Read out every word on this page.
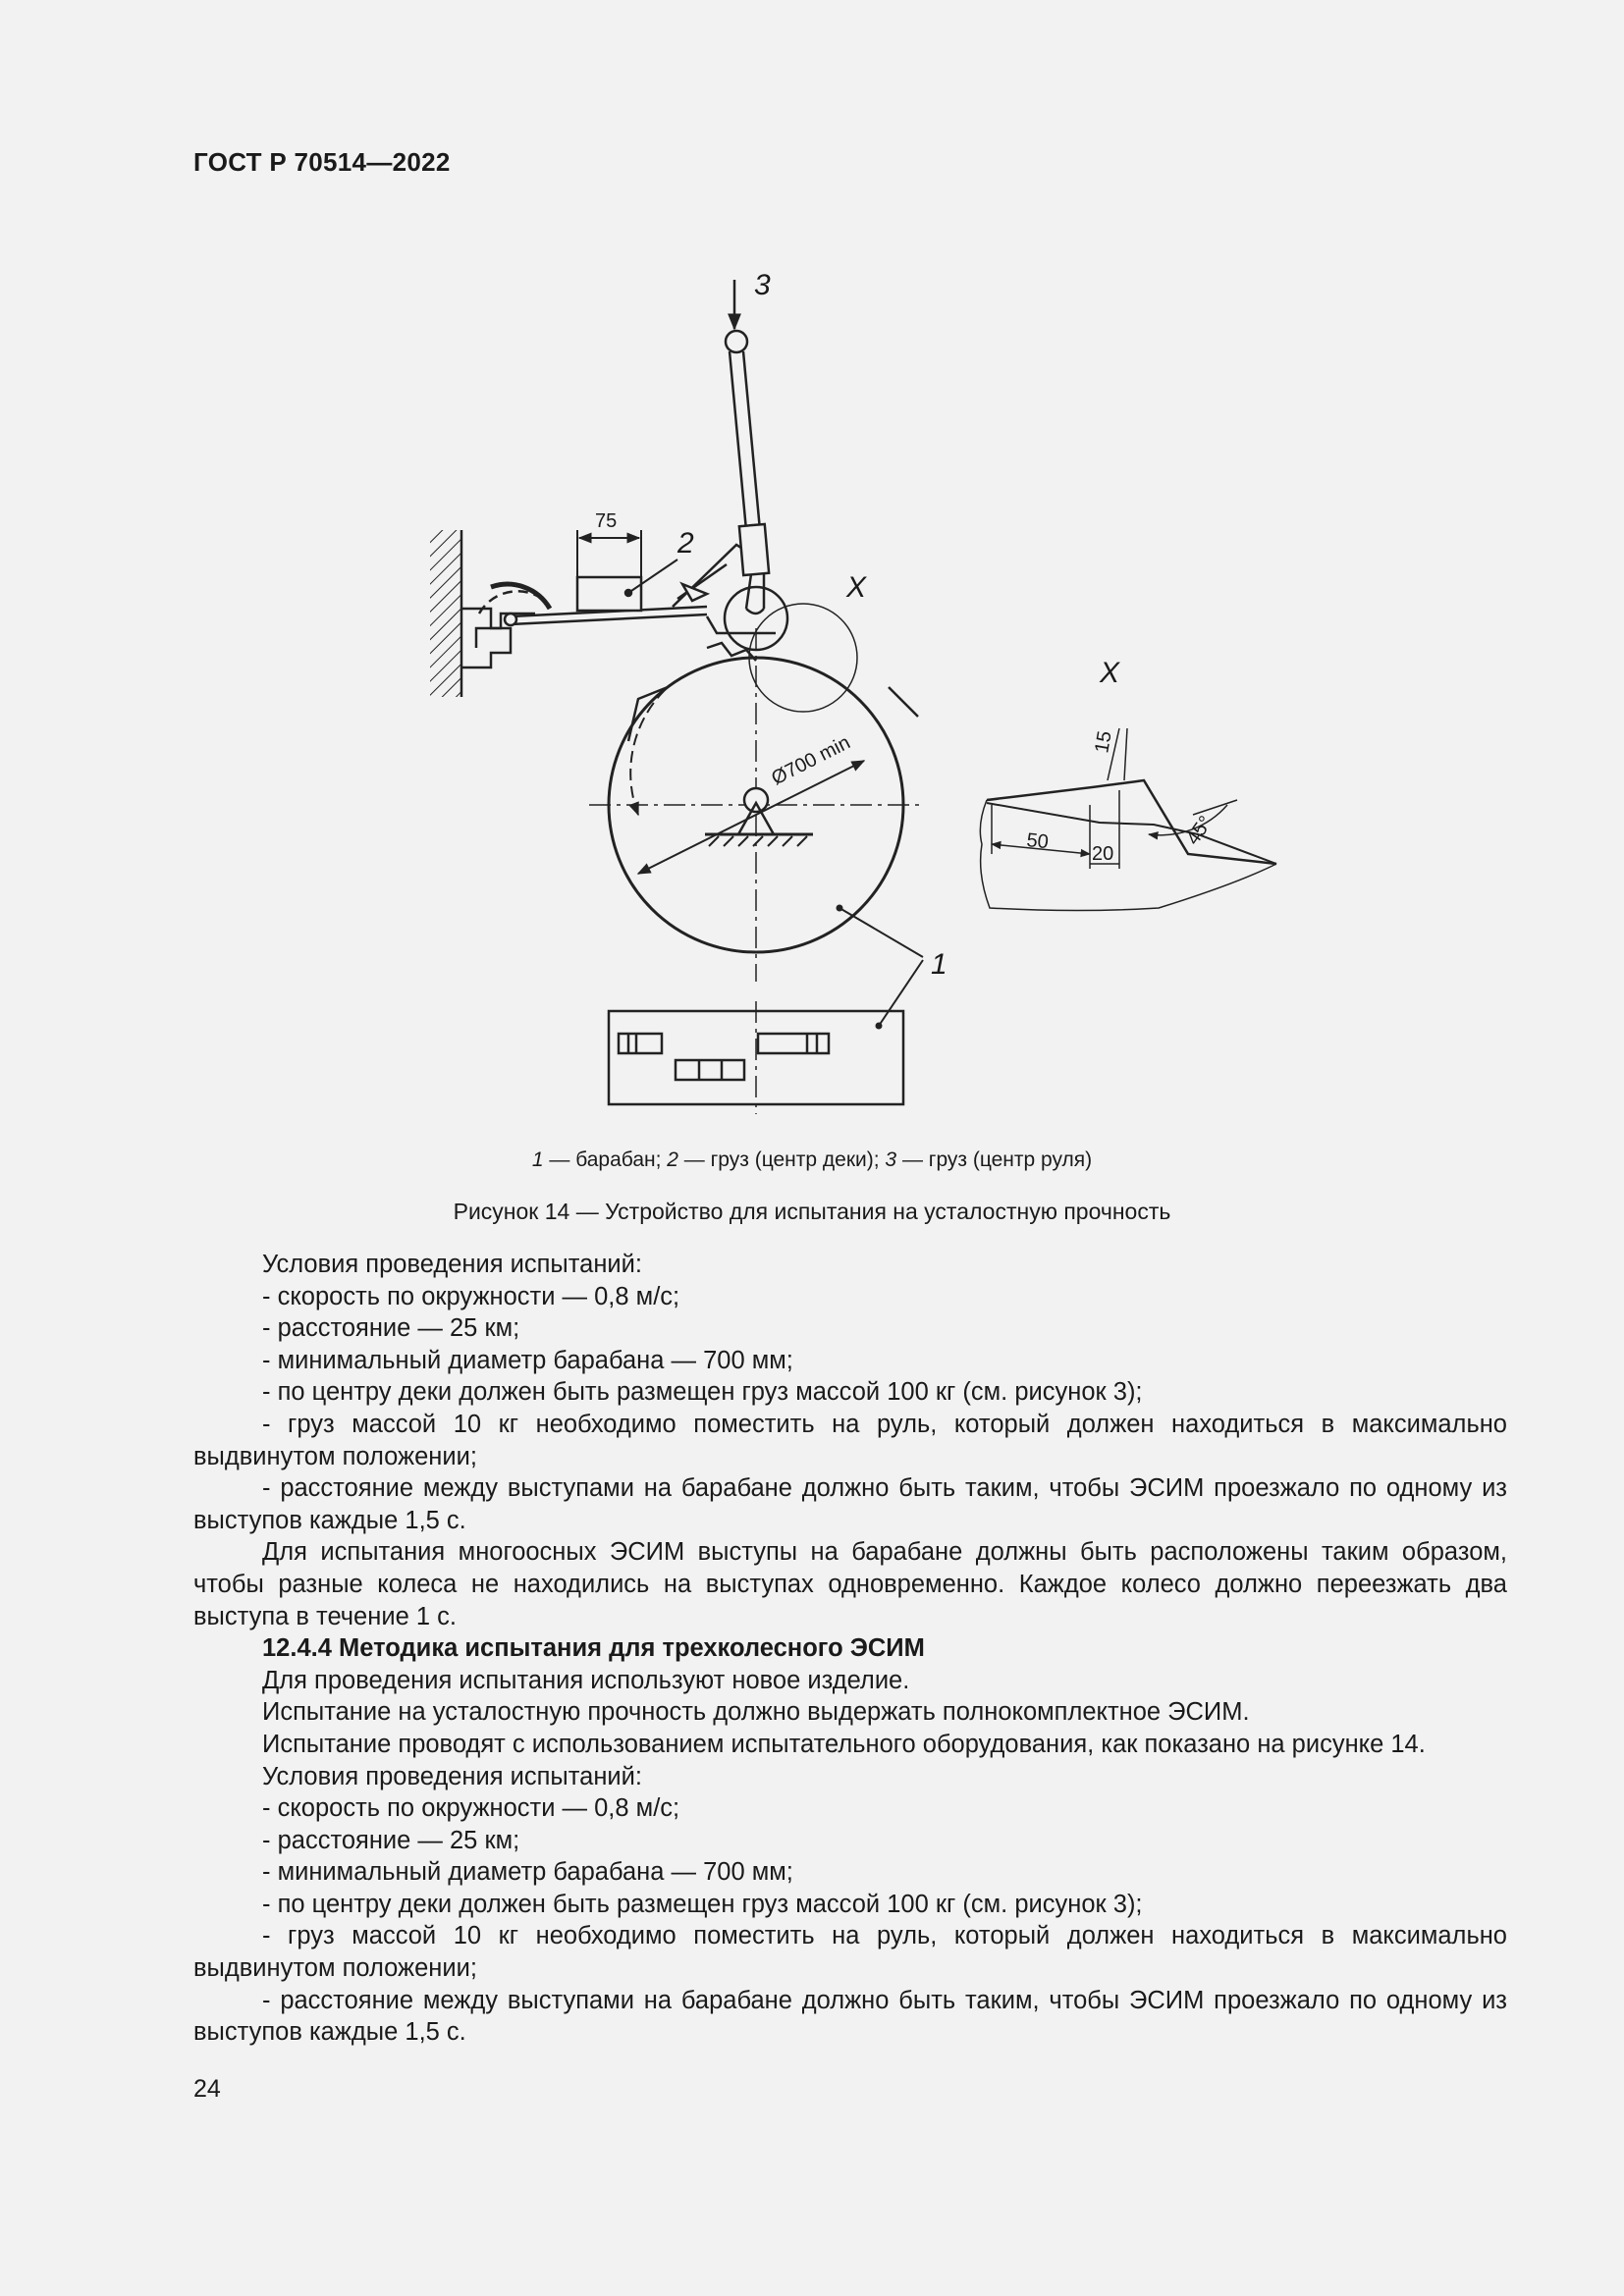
ГОСТ Р 70514—2022
75
3
X
Ø700 min
1
X
15
50
20
45°
2
1 — барабан; 2 — груз (центр деки); 3 — груз (центр руля)
Рисунок 14 — Устройство для испытания на усталостную прочность

Условия проведения испытаний:

- скорость по окружности — 0,8 м/с;

- расстояние — 25 км;

- минимальный диаметр барабана — 700 мм;

- по центру деки должен быть размещен груз массой 100 кг (см. рисунок 3);

- груз массой 10 кг необходимо поместить на руль, который должен находиться в максимально выдвинутом положении;

- расстояние между выступами на барабане должно быть таким, чтобы ЭСИМ проезжало по одному из выступов каждые 1,5 с.

Для испытания многоосных ЭСИМ выступы на барабане должны быть расположены таким образом, чтобы разные колеса не находились на выступах одновременно. Каждое колесо должно переезжать два выступа в течение 1 с.

12.4.4 Методика испытания для трехколесного ЭСИМ

Для проведения испытания используют новое изделие.

Испытание на усталостную прочность должно выдержать полнокомплектное ЭСИМ.

Испытание проводят с использованием испытательного оборудования, как показано на рисунке 14.

Условия проведения испытаний:

- скорость по окружности — 0,8 м/с;

- расстояние — 25 км;

- минимальный диаметр барабана — 700 мм;

- по центру деки должен быть размещен груз массой 100 кг (см. рисунок 3);

- груз массой 10 кг необходимо поместить на руль, который должен находиться в максимально выдвинутом положении;

- расстояние между выступами на барабане должно быть таким, чтобы ЭСИМ проезжало по одному из выступов каждые 1,5 с.

24
